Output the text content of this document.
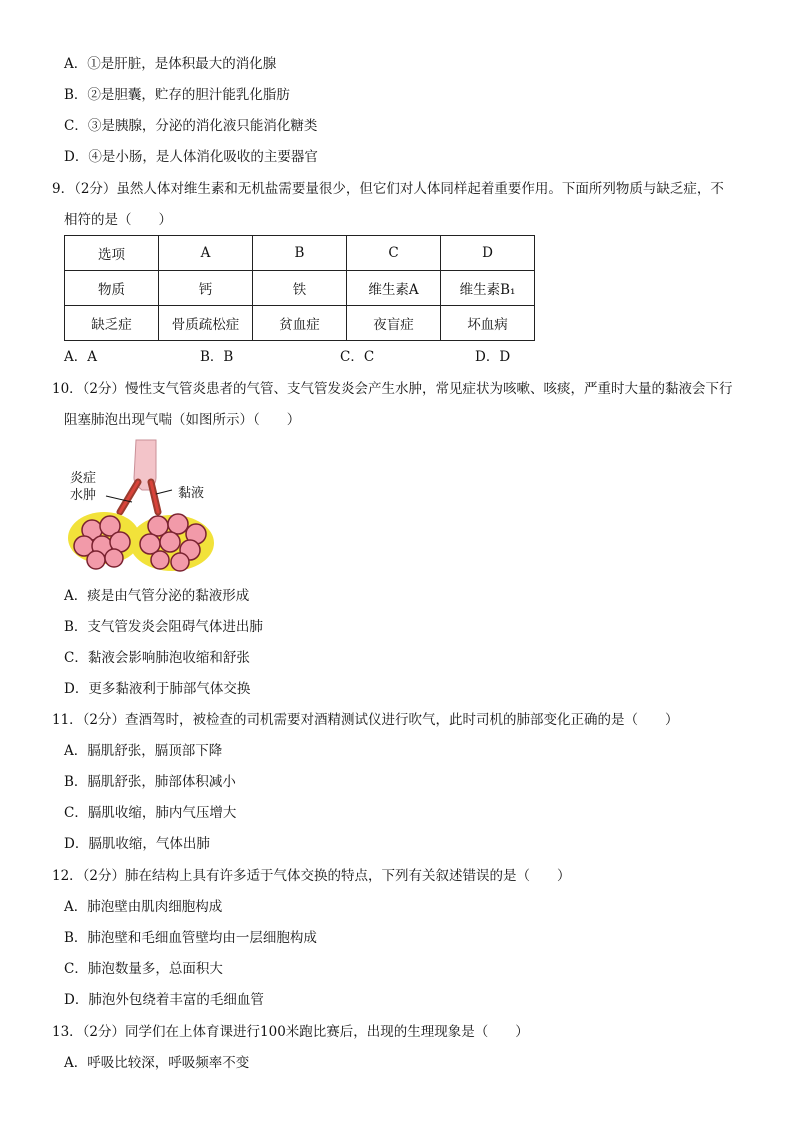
A．①是肝脏，是体积最大的消化腺
B．②是胆囊，贮存的胆汁能乳化脂肪
C．③是胰腺，分泌的消化液只能消化糖类
D．④是小肠，是人体消化吸收的主要器官
9．（2分）虽然人体对维生素和无机盐需要量很少，但它们对人体同样起着重要作用。下面所列物质与缺乏症，不
相符的是（　　）
选项	A	B	C	D
物质	钙	铁	维生素A	维生素B₁
缺乏症	骨质疏松症	贫血症	夜盲症	坏血病
A．A	B．B	C．C	D．D
10．（2分）慢性支气管炎患者的气管、支气管发炎会产生水肿，常见症状为咳嗽、咳痰，严重时大量的黏液会下行
阻塞肺泡出现气喘（如图所示）（　　）
炎症
水肿	黏液
A．痰是由气管分泌的黏液形成
B．支气管发炎会阻碍气体进出肺
C．黏液会影响肺泡收缩和舒张
D．更多黏液利于肺部气体交换
11．（2分）查酒驾时，被检查的司机需要对酒精测试仪进行吹气，此时司机的肺部变化正确的是（　　）
A．膈肌舒张，膈顶部下降
B．膈肌舒张，肺部体积减小
C．膈肌收缩，肺内气压增大
D．膈肌收缩，气体出肺
12．（2分）肺在结构上具有许多适于气体交换的特点，下列有关叙述错误的是（　　）
A．肺泡壁由肌肉细胞构成
B．肺泡壁和毛细血管壁均由一层细胞构成
C．肺泡数量多，总面积大
D．肺泡外包绕着丰富的毛细血管
13．（2分）同学们在上体育课进行100米跑比赛后，出现的生理现象是（　　）
A．呼吸比较深，呼吸频率不变
